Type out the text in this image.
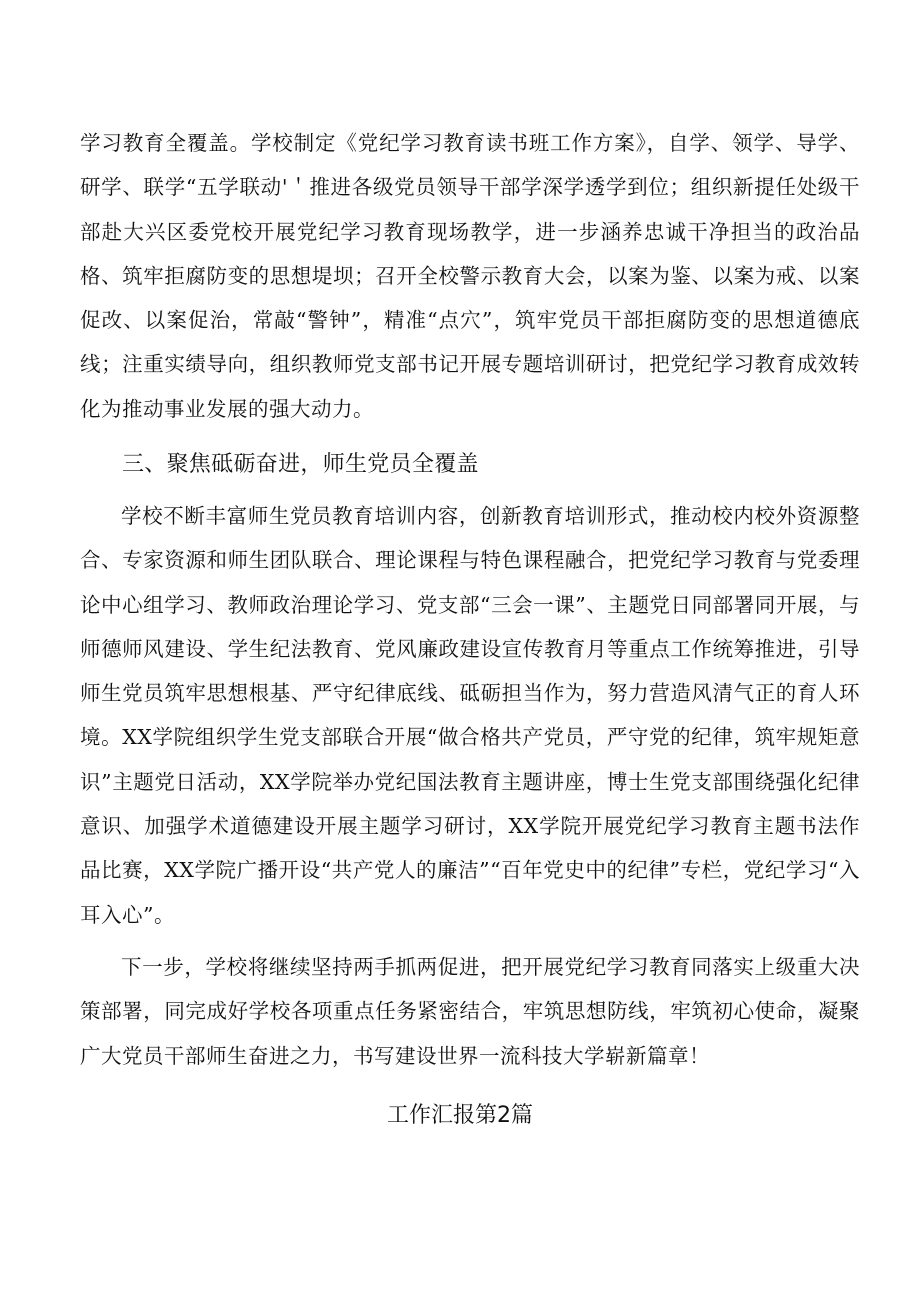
学习教育全覆盖。学校制定《党纪学习教育读书班工作方案》，自学、领学、导学、研学、联学“五学联动'＇推进各级党员领导干部学深学透学到位；组织新提任处级干部赴大兴区委党校开展党纪学习教育现场教学，进一步涵养忠诚干净担当的政治品格、筑牢拒腐防变的思想堤坝；召开全校警示教育大会，以案为鉴、以案为戒、以案促改、以案促治，常敲“警钟”，精准“点穴”，筑牢党员干部拒腐防变的思想道德底线；注重实绩导向，组织教师党支部书记开展专题培训研讨，把党纪学习教育成效转化为推动事业发展的强大动力。

三、聚焦砥砺奋进，师生党员全覆盖

学校不断丰富师生党员教育培训内容，创新教育培训形式，推动校内校外资源整合、专家资源和师生团队联合、理论课程与特色课程融合，把党纪学习教育与党委理论中心组学习、教师政治理论学习、党支部“三会一课”、主题党日同部署同开展，与师德师风建设、学生纪法教育、党风廉政建设宣传教育月等重点工作统筹推进，引导师生党员筑牢思想根基、严守纪律底线、砥砺担当作为，努力营造风清气正的育人环境。XX学院组织学生党支部联合开展“做合格共产党员，严守党的纪律，筑牢规矩意识”主题党日活动，XX学院举办党纪国法教育主题讲座，博士生党支部围绕强化纪律意识、加强学术道德建设开展主题学习研讨，XX学院开展党纪学习教育主题书法作品比赛，XX学院广播开设“共产党人的廉洁”“百年党史中的纪律”专栏，党纪学习“入耳入心”。

下一步，学校将继续坚持两手抓两促进，把开展党纪学习教育同落实上级重大决策部署，同完成好学校各项重点任务紧密结合，牢筑思想防线，牢筑初心使命，凝聚广大党员干部师生奋进之力，书写建设世界一流科技大学崭新篇章！

工作汇报第2篇
